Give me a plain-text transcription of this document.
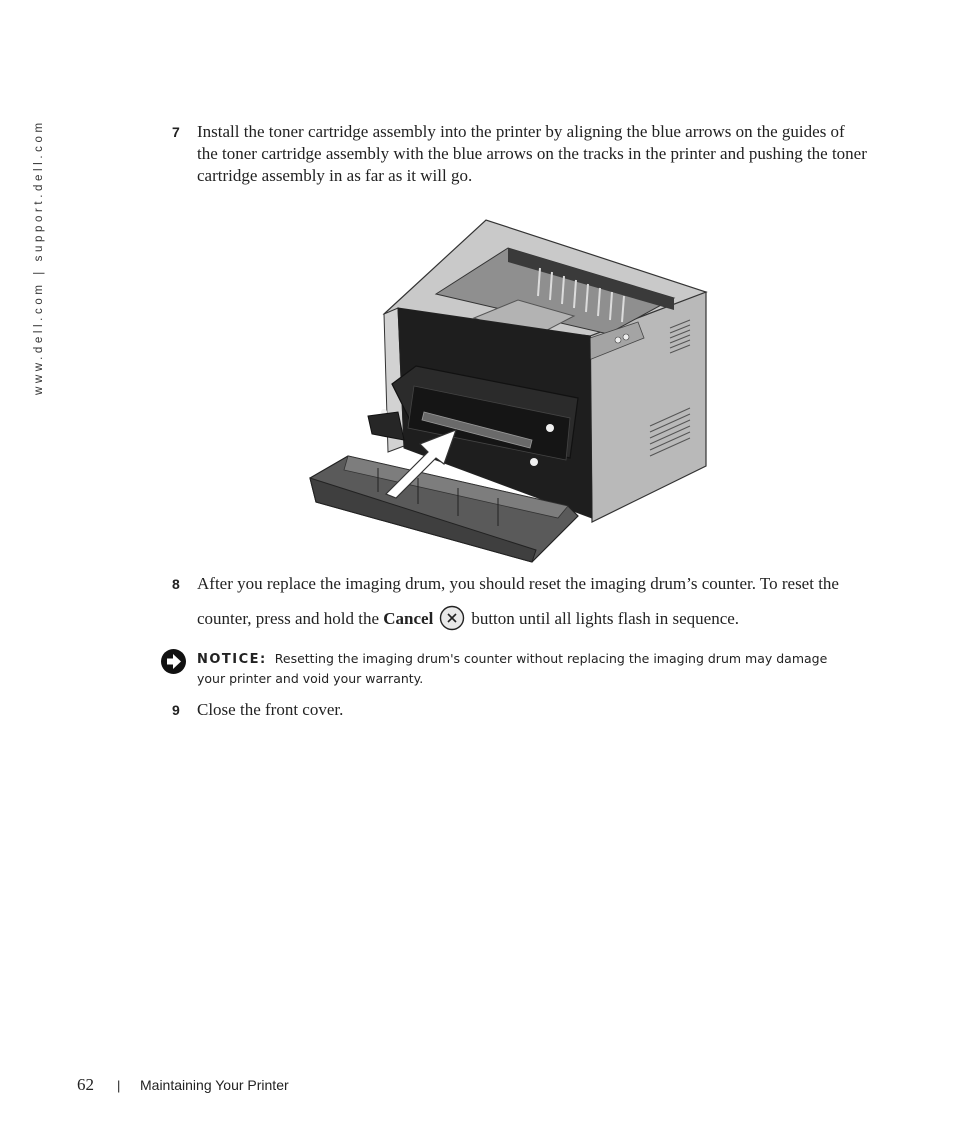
www.dell.com | support.dell.com	7 Install the toner cartridge assembly into the printer by aligning the blue arrows on the guides of the toner cartridge assembly with the blue arrows on the tracks in the printer and pushing the toner cartridge assembly in as far as it will go.
8 After you replace the imaging drum, you should reset the imaging drum’s counter. To reset the counter, press and hold the Cancel button until all lights flash in sequence.
NOTICE: Resetting the imaging drum's counter without replacing the imaging drum may damage your printer and void your warranty.
9 Close the front cover.
62 | Maintaining Your Printer
